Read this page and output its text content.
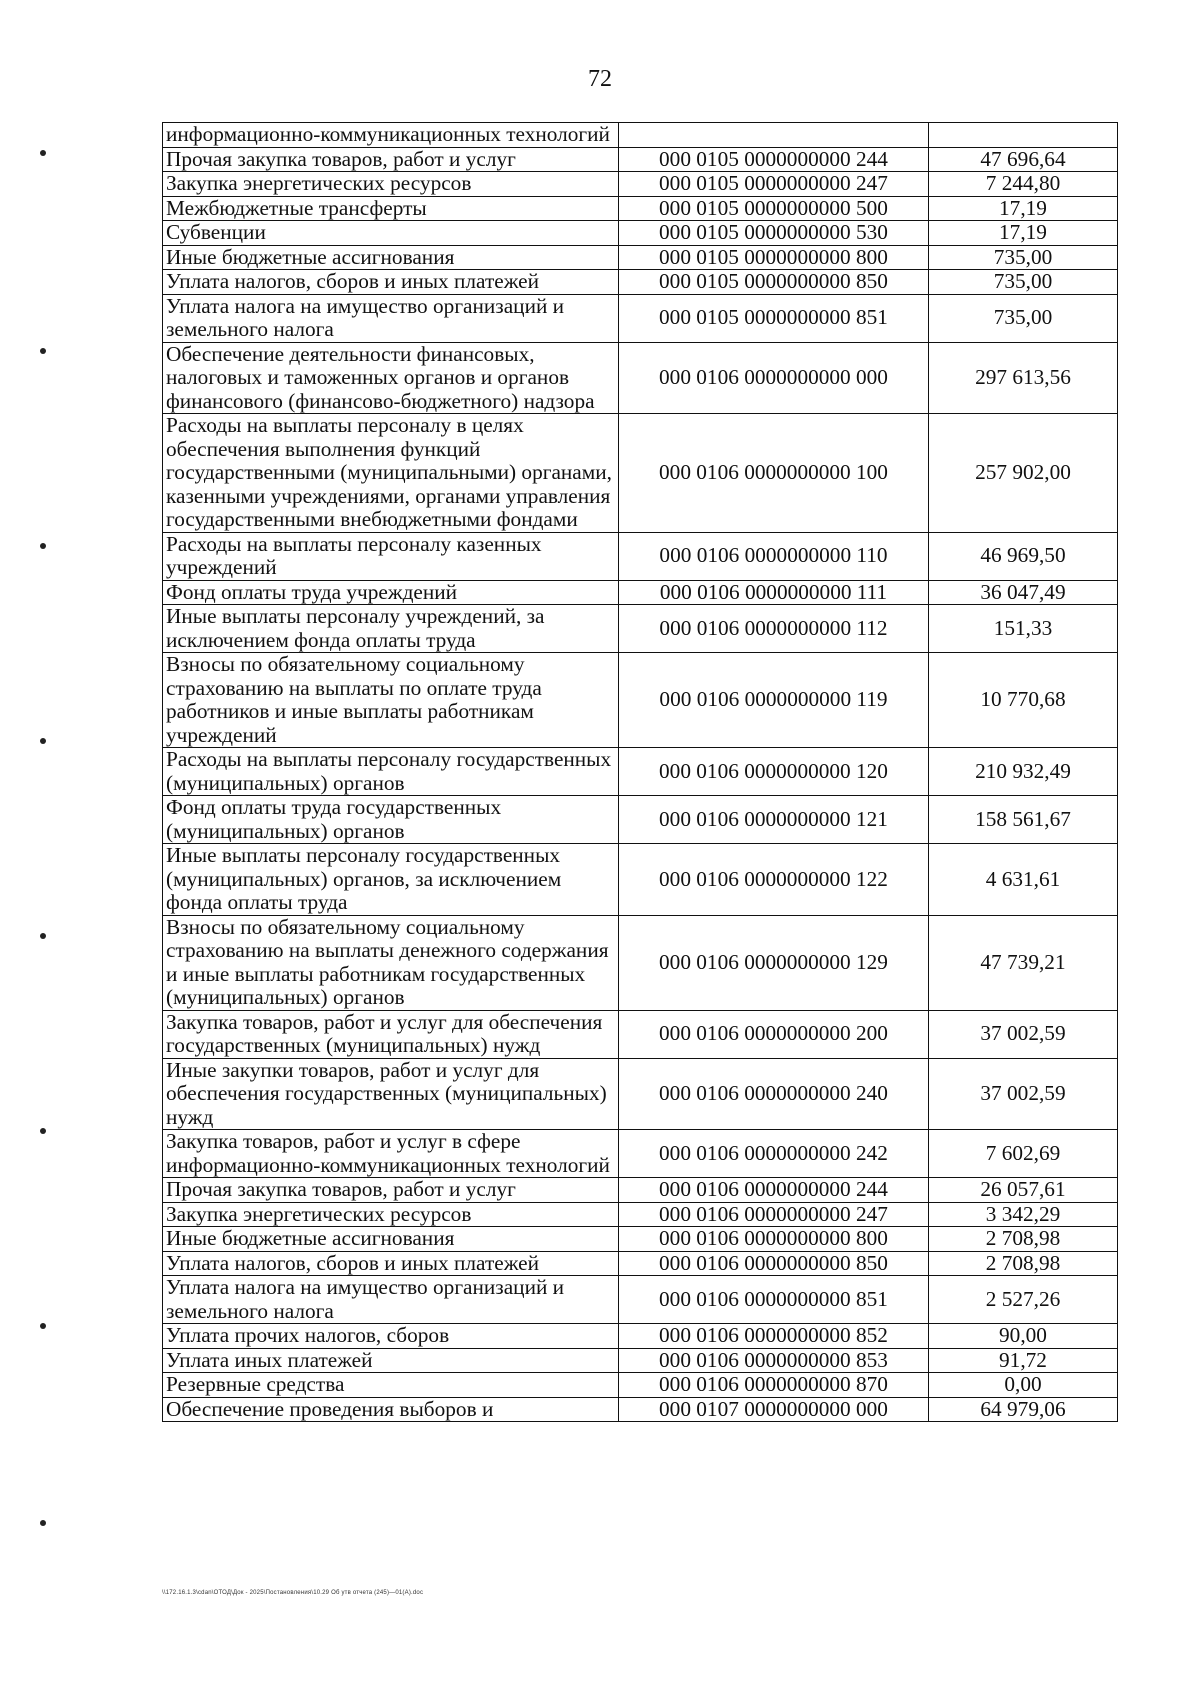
72
информационно-коммуникационных технологий		
Прочая закупка товаров, работ и услуг	000 0105 0000000000 244	47 696,64
Закупка энергетических ресурсов	000 0105 0000000000 247	7 244,80
Межбюджетные трансферты	000 0105 0000000000 500	17,19
Субвенции	000 0105 0000000000 530	17,19
Иные бюджетные ассигнования	000 0105 0000000000 800	735,00
Уплата налогов, сборов и иных платежей	000 0105 0000000000 850	735,00
Уплата налога на имущество организаций и земельного налога	000 0105 0000000000 851	735,00
Обеспечение деятельности финансовых, налоговых и таможенных органов и органов финансового (финансово-бюджетного) надзора	000 0106 0000000000 000	297 613,56
Расходы на выплаты персоналу в целях обеспечения выполнения функций государственными (муниципальными) органами, казенными учреждениями, органами управления государственными внебюджетными фондами	000 0106 0000000000 100	257 902,00
Расходы на выплаты персоналу казенных учреждений	000 0106 0000000000 110	46 969,50
Фонд оплаты труда учреждений	000 0106 0000000000 111	36 047,49
Иные выплаты персоналу учреждений, за исключением фонда оплаты труда	000 0106 0000000000 112	151,33
Взносы по обязательному социальному страхованию на выплаты по оплате труда работников и иные выплаты работникам учреждений	000 0106 0000000000 119	10 770,68
Расходы на выплаты персоналу государственных (муниципальных) органов	000 0106 0000000000 120	210 932,49
Фонд оплаты труда государственных (муниципальных) органов	000 0106 0000000000 121	158 561,67
Иные выплаты персоналу государственных (муниципальных) органов, за исключением фонда оплаты труда	000 0106 0000000000 122	4 631,61
Взносы по обязательному социальному страхованию на выплаты денежного содержания и иные выплаты работникам государственных (муниципальных) органов	000 0106 0000000000 129	47 739,21
Закупка товаров, работ и услуг для обеспечения государственных (муниципальных) нужд	000 0106 0000000000 200	37 002,59
Иные закупки товаров, работ и услуг для обеспечения государственных (муниципальных) нужд	000 0106 0000000000 240	37 002,59
Закупка товаров, работ и услуг в сфере информационно-коммуникационных технологий	000 0106 0000000000 242	7 602,69
Прочая закупка товаров, работ и услуг	000 0106 0000000000 244	26 057,61
Закупка энергетических ресурсов	000 0106 0000000000 247	3 342,29
Иные бюджетные ассигнования	000 0106 0000000000 800	2 708,98
Уплата налогов, сборов и иных платежей	000 0106 0000000000 850	2 708,98
Уплата налога на имущество организаций и земельного налога	000 0106 0000000000 851	2 527,26
Уплата прочих налогов, сборов	000 0106 0000000000 852	90,00
Уплата иных платежей	000 0106 0000000000 853	91,72
Резервные средства	000 0106 0000000000 870	0,00
Обеспечение проведения выборов и	000 0107 0000000000 000	64 979,06
\\172.16.1.3\cdan\ОТОД\Док - 2025\Постановления\10.29 Об утв отчета (245)—01(А).doc
